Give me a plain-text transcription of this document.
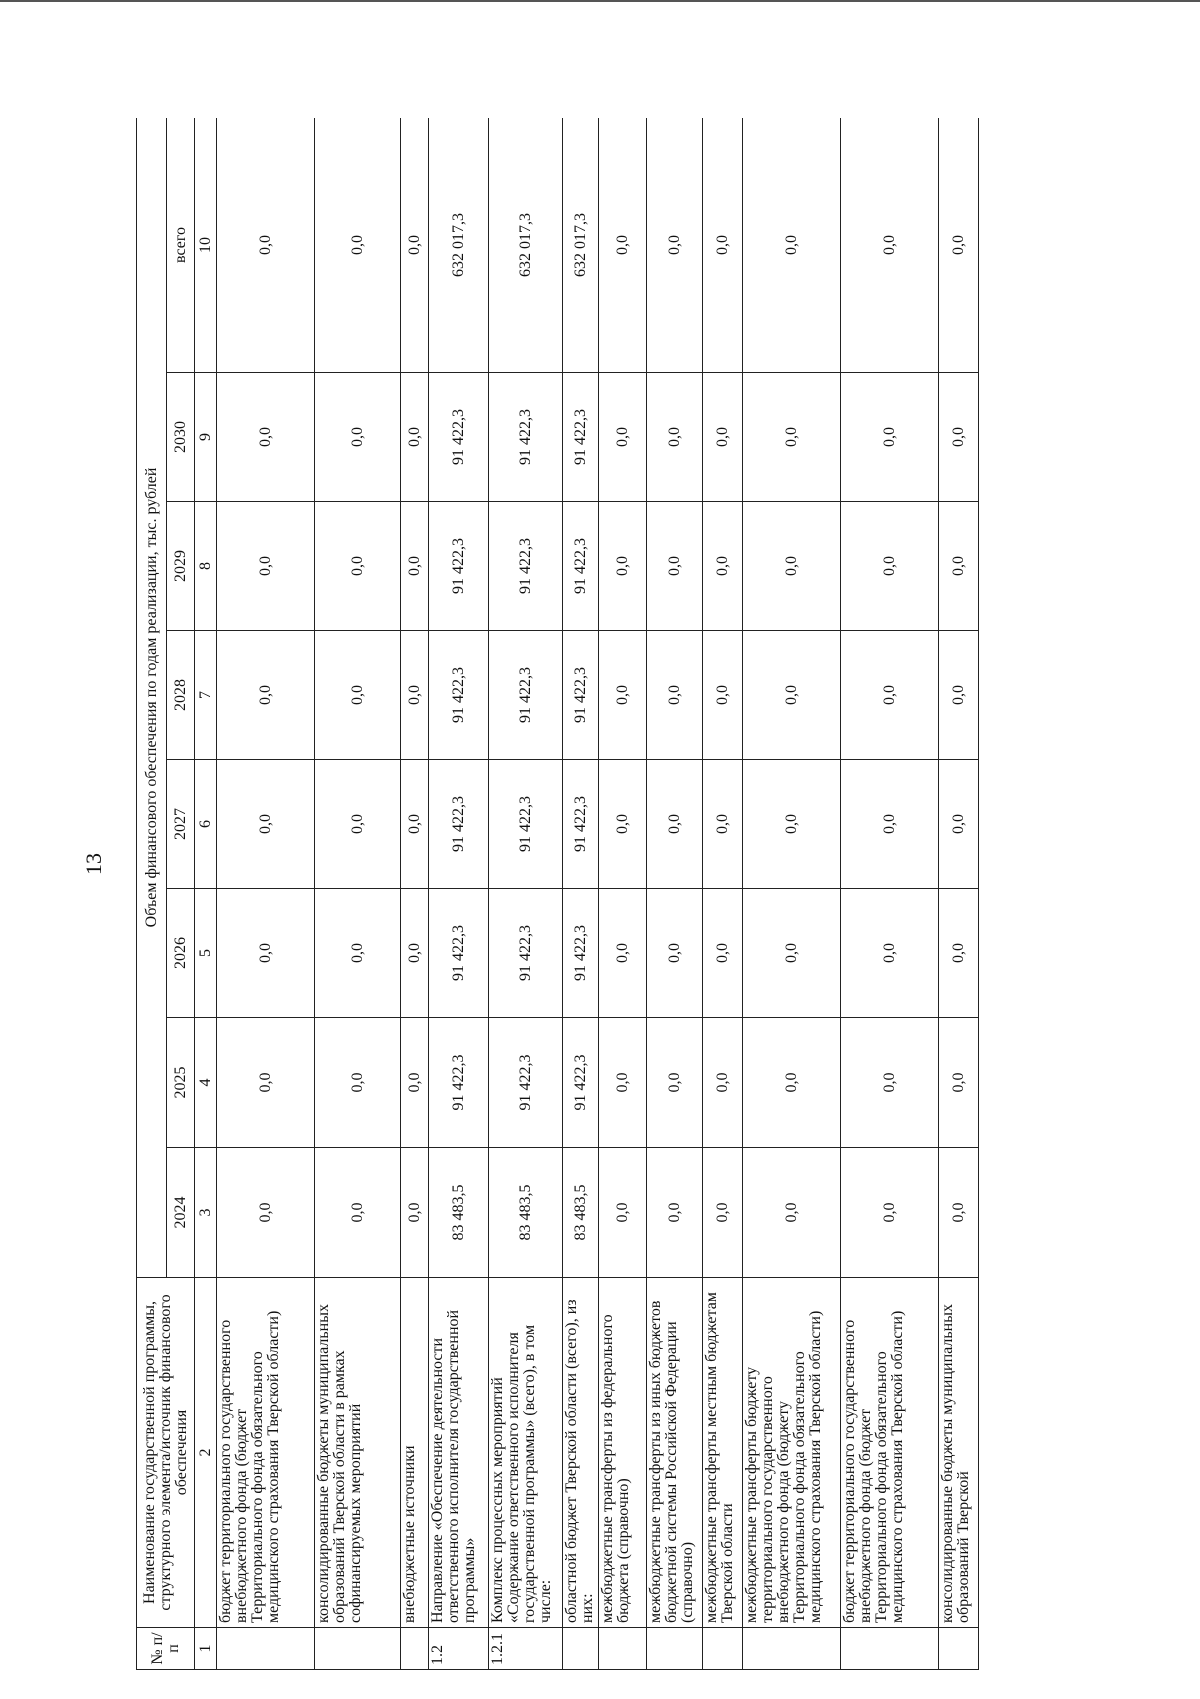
13
№ п/п	Наименование государственной программы, структурного элемента/источник финансового обеспечения	Объем финансового обеспечения по годам реализации, тыс. рублей							
		2024	2025	2026	2027	2028	2029	2030	всего
1	2	3	4	5	6	7	8	9	10
	бюджет территориального государственного внебюджетного фонда (бюджет Территориального фонда обязательного медицинского страхования Тверской области)	0,0	0,0	0,0	0,0	0,0	0,0	0,0	0,0
	консолидированные бюджеты муниципальных образований Тверской области в рамках софинансируемых мероприятий	0,0	0,0	0,0	0,0	0,0	0,0	0,0	0,0
	внебюджетные источники	0,0	0,0	0,0	0,0	0,0	0,0	0,0	0,0
1.2	Направление «Обеспечение деятельности ответственного исполнителя государственной программы»	83 483,5	91 422,3	91 422,3	91 422,3	91 422,3	91 422,3	91 422,3	632 017,3
1.2.1	Комплекс процессных мероприятий «Содержание ответственного исполнителя государственной программы» (всего), в том числе:	83 483,5	91 422,3	91 422,3	91 422,3	91 422,3	91 422,3	91 422,3	632 017,3
	областной бюджет Тверской области (всего), из них:	83 483,5	91 422,3	91 422,3	91 422,3	91 422,3	91 422,3	91 422,3	632 017,3
	межбюджетные трансферты из федерального бюджета (справочно)	0,0	0,0	0,0	0,0	0,0	0,0	0,0	0,0
	межбюджетные трансферты из иных бюджетов бюджетной системы Российской Федерации (справочно)	0,0	0,0	0,0	0,0	0,0	0,0	0,0	0,0
	межбюджетные трансферты местным бюджетам Тверской области	0,0	0,0	0,0	0,0	0,0	0,0	0,0	0,0
	межбюджетные трансферты бюджету территориального государственного внебюджетного фонда (бюджету Территориального фонда обязательного медицинского страхования Тверской области)	0,0	0,0	0,0	0,0	0,0	0,0	0,0	0,0
	бюджет территориального государственного внебюджетного фонда (бюджет Территориального фонда обязательного медицинского страхования Тверской области)	0,0	0,0	0,0	0,0	0,0	0,0	0,0	0,0
	консолидированные бюджеты муниципальных образований Тверской	0,0	0,0	0,0	0,0	0,0	0,0	0,0	0,0
